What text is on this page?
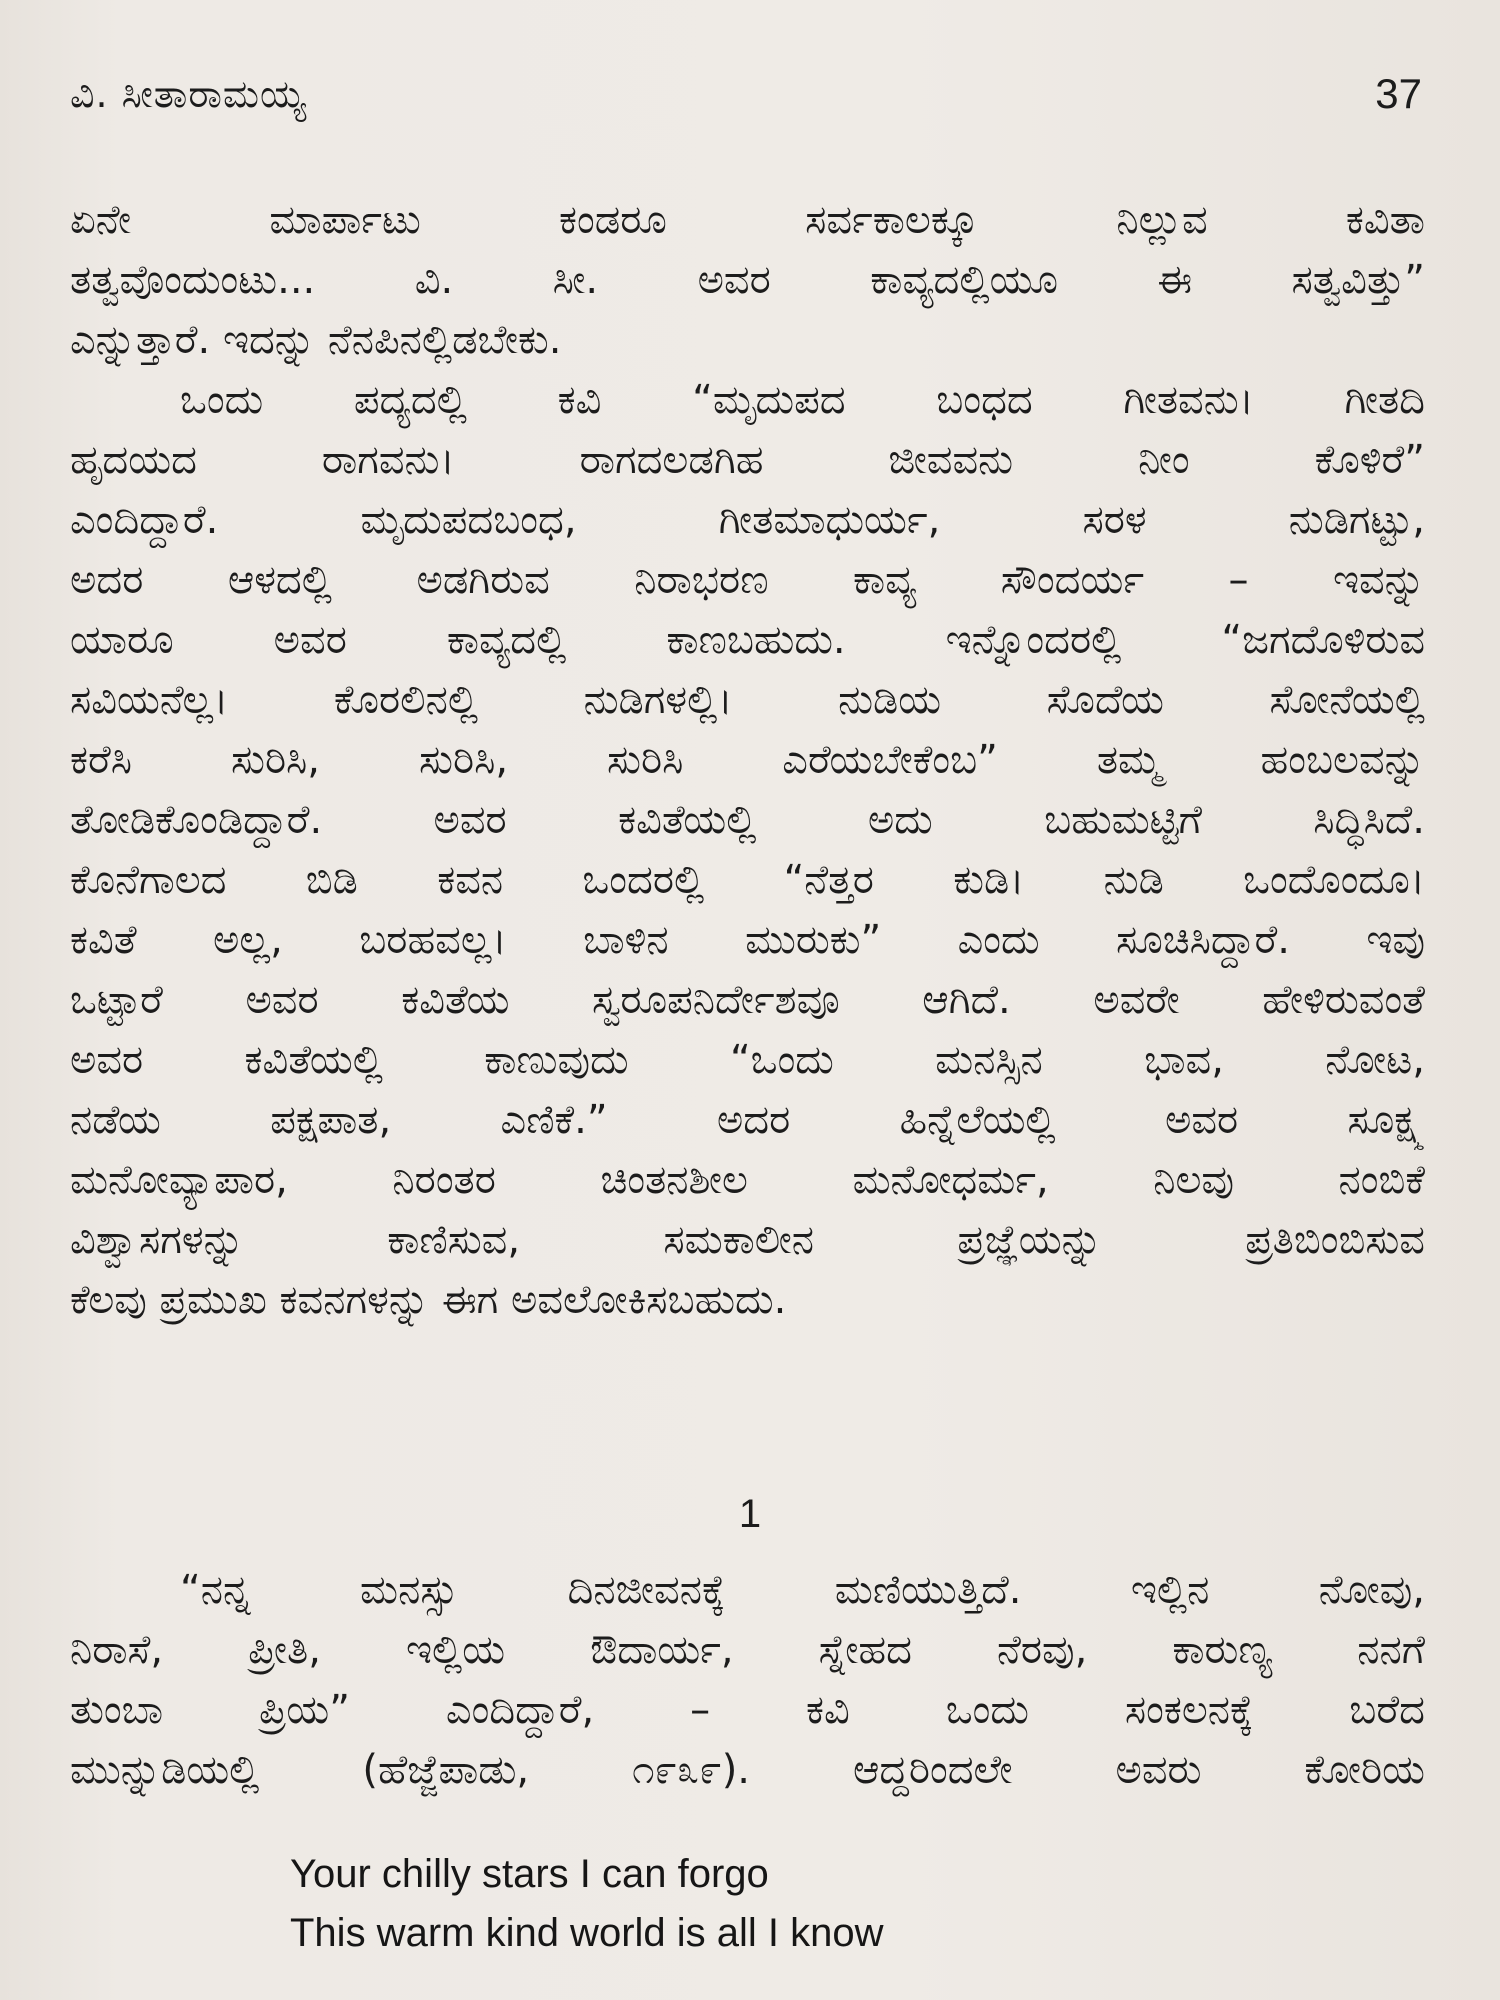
ವಿ. ಸೀತಾರಾಮಯ್ಯ	37
ಏನೇ ಮಾರ್ಪಾಟು ಕಂಡರೂ ಸರ್ವಕಾಲಕ್ಕೂ ನಿಲ್ಲುವ ಕವಿತಾ
ತತ್ವವೊಂದುಂಟು... ವಿ. ಸೀ. ಅವರ ಕಾವ್ಯದಲ್ಲಿಯೂ ಈ ಸತ್ವವಿತ್ತು”
ಎನ್ನುತ್ತಾರೆ. ಇದನ್ನು ನೆನಪಿನಲ್ಲಿಡಬೇಕು.
ಒಂದು ಪದ್ಯದಲ್ಲಿ ಕವಿ “ಮೃದುಪದ ಬಂಧದ ಗೀತವನು। ಗೀತದಿ
ಹೃದಯದ ರಾಗವನು। ರಾಗದಲಡಗಿಹ ಜೀವವನು ನೀಂ ಕೊಳಿರೆ”
ಎಂದಿದ್ದಾರೆ. ಮೃದುಪದಬಂಧ, ಗೀತಮಾಧುರ್ಯ, ಸರಳ ನುಡಿಗಟ್ಟು,
ಅದರ ಆಳದಲ್ಲಿ ಅಡಗಿರುವ ನಿರಾಭರಣ ಕಾವ್ಯ ಸೌಂದರ್ಯ – ಇವನ್ನು
ಯಾರೂ ಅವರ ಕಾವ್ಯದಲ್ಲಿ ಕಾಣಬಹುದು. ಇನ್ನೊಂದರಲ್ಲಿ “ಜಗದೊಳಿರುವ
ಸವಿಯನೆಲ್ಲ। ಕೊರಲಿನಲ್ಲಿ ನುಡಿಗಳಲ್ಲಿ। ನುಡಿಯ ಸೊದೆಯ ಸೋನೆಯಲ್ಲಿ
ಕರೆಸಿ ಸುರಿಸಿ, ಸುರಿಸಿ, ಸುರಿಸಿ ಎರೆಯಬೇಕೆಂಬ” ತಮ್ಮ ಹಂಬಲವನ್ನು
ತೋಡಿಕೊಂಡಿದ್ದಾರೆ. ಅವರ ಕವಿತೆಯಲ್ಲಿ ಅದು ಬಹುಮಟ್ಟಿಗೆ ಸಿದ್ಧಿಸಿದೆ.
ಕೊನೆಗಾಲದ ಬಿಡಿ ಕವನ ಒಂದರಲ್ಲಿ “ನೆತ್ತರ ಕುಡಿ। ನುಡಿ ಒಂದೊಂದೂ।
ಕವಿತೆ ಅಲ್ಲ, ಬರಹವಲ್ಲ। ಬಾಳಿನ ಮುರುಕು” ಎಂದು ಸೂಚಿಸಿದ್ದಾರೆ. ಇವು
ಒಟ್ಟಾರೆ ಅವರ ಕವಿತೆಯ ಸ್ವರೂಪನಿರ್ದೇಶವೂ ಆಗಿದೆ. ಅವರೇ ಹೇಳಿರುವಂತೆ
ಅವರ ಕವಿತೆಯಲ್ಲಿ ಕಾಣುವುದು “ಒಂದು ಮನಸ್ಸಿನ ಭಾವ, ನೋಟ,
ನಡೆಯ ಪಕ್ಷಪಾತ, ಎಣಿಕೆ.” ಅದರ ಹಿನ್ನೆಲೆಯಲ್ಲಿ ಅವರ ಸೂಕ್ಷ್ಮ
ಮನೋವ್ಯಾಪಾರ, ನಿರಂತರ ಚಿಂತನಶೀಲ ಮನೋಧರ್ಮ, ನಿಲವು ನಂಬಿಕೆ
ವಿಶ್ವಾಸಗಳನ್ನು ಕಾಣಿಸುವ, ಸಮಕಾಲೀನ ಪ್ರಜ್ಞೆಯನ್ನು ಪ್ರತಿಬಿಂಬಿಸುವ
ಕೆಲವು ಪ್ರಮುಖ ಕವನಗಳನ್ನು ಈಗ ಅವಲೋಕಿಸಬಹುದು.
1
“ನನ್ನ ಮನಸ್ಸು ದಿನಜೀವನಕ್ಕೆ ಮಣಿಯುತ್ತಿದೆ. ಇಲ್ಲಿನ ನೋವು,
ನಿರಾಸೆ, ಪ್ರೀತಿ, ಇಲ್ಲಿಯ ಔದಾರ್ಯ, ಸ್ನೇಹದ ನೆರವು, ಕಾರುಣ್ಯ ನನಗೆ
ತುಂಬಾ ಪ್ರಿಯ” ಎಂದಿದ್ದಾರೆ, – ಕವಿ ಒಂದು ಸಂಕಲನಕ್ಕೆ ಬರೆದ
ಮುನ್ನುಡಿಯಲ್ಲಿ (ಹೆಜ್ಜೆಪಾಡು, ೧೯೩೯). ಆದ್ದರಿಂದಲೇ ಅವರು ಕೋರಿಯ
Your chilly stars I can forgo
This warm kind world is all I know
